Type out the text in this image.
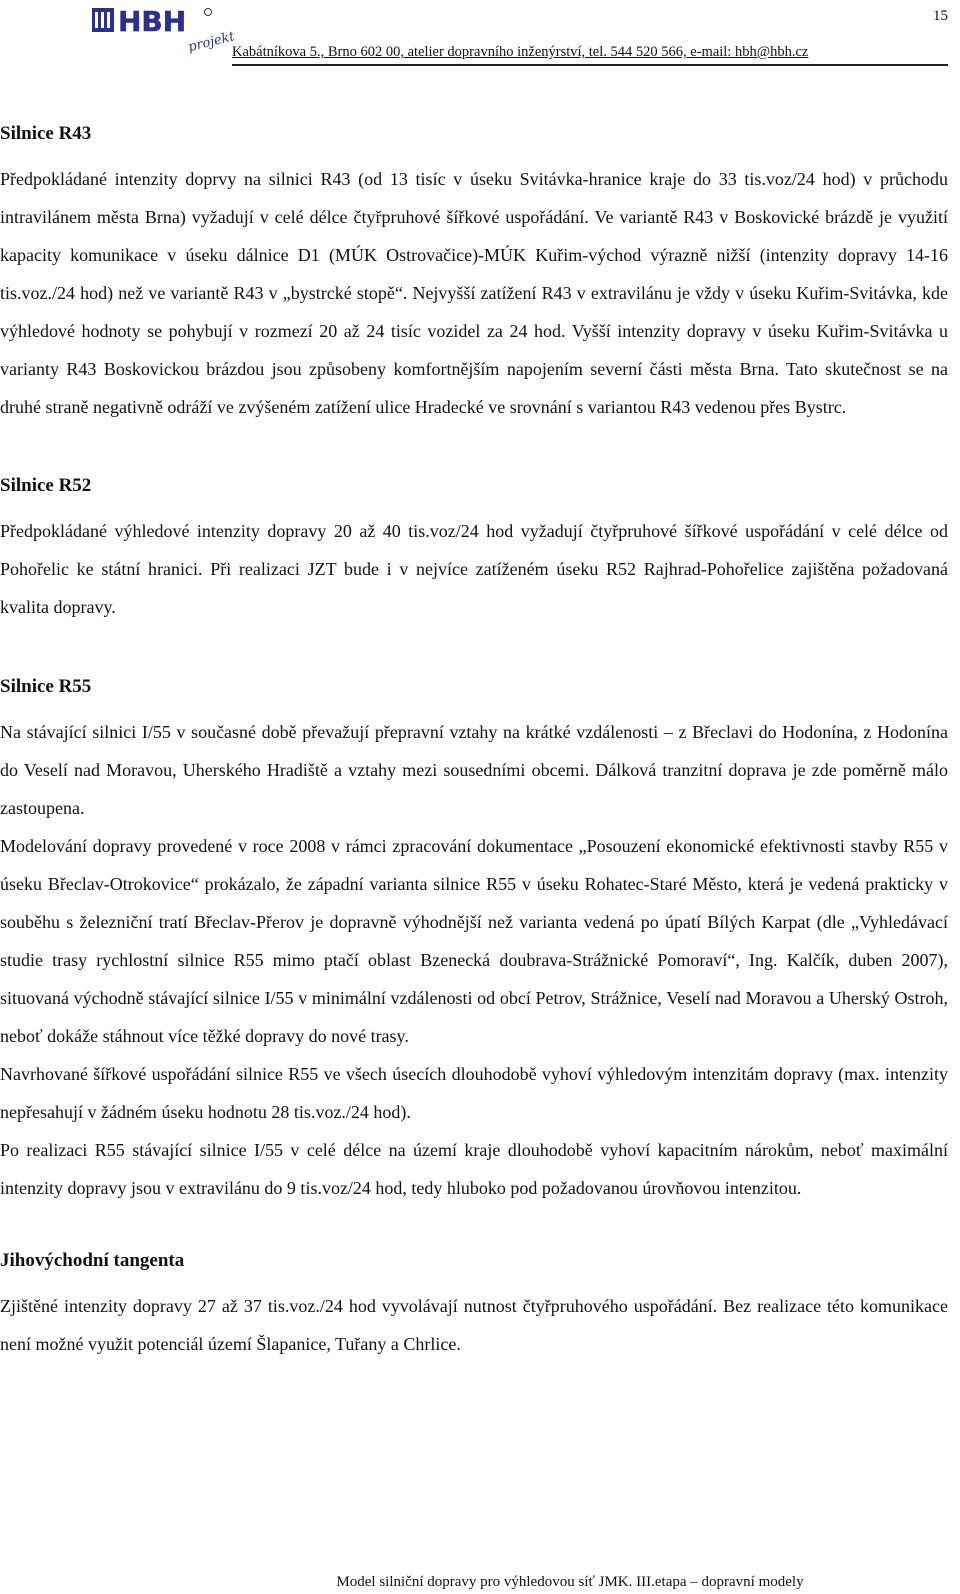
HBH
projekt
15
Kabátníkova 5., Brno 602 00, atelier dopravního inženýrství, tel. 544 520 566, e-mail: hbh@hbh.cz
Silnice R43

Předpokládané intenzity doprvy na silnici R43 (od 13 tisíc v úseku Svitávka-hranice kraje do 33 tis.voz/24 hod) v průchodu intravilánem města Brna) vyžadují v celé délce čtyřpruhové šířkové uspořádání. Ve variantě R43 v Boskovické brázdě je využití kapacity komunikace v úseku dálnice D1 (MÚK Ostrovačice)-MÚK Kuřim-východ výrazně nižší (intenzity dopravy 14-16 tis.voz./24 hod) než ve variantě R43 v „bystrcké stopě“. Nejvyšší zatížení R43 v extravilánu je vždy v úseku Kuřim-Svitávka, kde výhledové hodnoty se pohybují v rozmezí 20 až 24 tisíc vozidel za 24 hod. Vyšší intenzity dopravy v úseku Kuřim-Svitávka u varianty R43 Boskovickou brázdou jsou způsobeny komfortnějším napojením severní části města Brna. Tato skutečnost se na druhé straně negativně odráží ve zvýšeném zatížení ulice Hradecké ve srovnání s variantou R43 vedenou přes Bystrc.

Silnice R52

Předpokládané výhledové intenzity dopravy 20 až 40 tis.voz/24 hod vyžadují čtyřpruhové šířkové uspořádání v celé délce od Pohořelic ke státní hranici. Při realizaci JZT bude i v nejvíce zatíženém úseku R52 Rajhrad-Pohořelice zajištěna požadovaná kvalita dopravy.

Silnice R55

Na stávající silnici I/55 v současné době převažují přepravní vztahy na krátké vzdálenosti – z Břeclavi do Hodonína, z Hodonína do Veselí nad Moravou, Uherského Hradiště a vztahy mezi sousedními obcemi. Dálková tranzitní doprava je zde poměrně málo zastoupena.

Modelování dopravy provedené v roce 2008 v rámci zpracování dokumentace „Posouzení ekonomické efektivnosti stavby R55 v úseku Břeclav-Otrokovice“ prokázalo, že západní varianta silnice R55 v úseku Rohatec-Staré Město, která je vedená prakticky v souběhu s železniční tratí Břeclav-Přerov je dopravně výhodnější než varianta vedená po úpatí Bílých Karpat (dle „Vyhledávací studie trasy rychlostní silnice R55 mimo ptačí oblast Bzenecká doubrava-Strážnické Pomoraví“, Ing. Kalčík, duben 2007), situovaná východně stávající silnice I/55 v minimální vzdálenosti od obcí Petrov, Strážnice, Veselí nad Moravou a Uherský Ostroh, neboť dokáže stáhnout více těžké dopravy do nové trasy.

Navrhované šířkové uspořádání silnice R55 ve všech úsecích dlouhodobě vyhoví výhledovým intenzitám dopravy (max. intenzity nepřesahují v žádném úseku hodnotu 28 tis.voz./24 hod).

Po realizaci R55 stávající silnice I/55 v celé délce na území kraje dlouhodobě vyhoví kapacitním nárokům, neboť maximální intenzity dopravy jsou v extravilánu do 9 tis.voz/24 hod, tedy hluboko pod požadovanou úrovňovou intenzitou.

Jihovýchodní tangenta

Zjištěné intenzity dopravy 27 až 37 tis.voz./24 hod vyvolávají nutnost čtyřpruhového uspořádání. Bez realizace této komunikace není možné využit potenciál území Šlapanice, Tuřany a Chrlice.

Model silniční dopravy pro výhledovou síť JMK. III.etapa – dopravní modely
